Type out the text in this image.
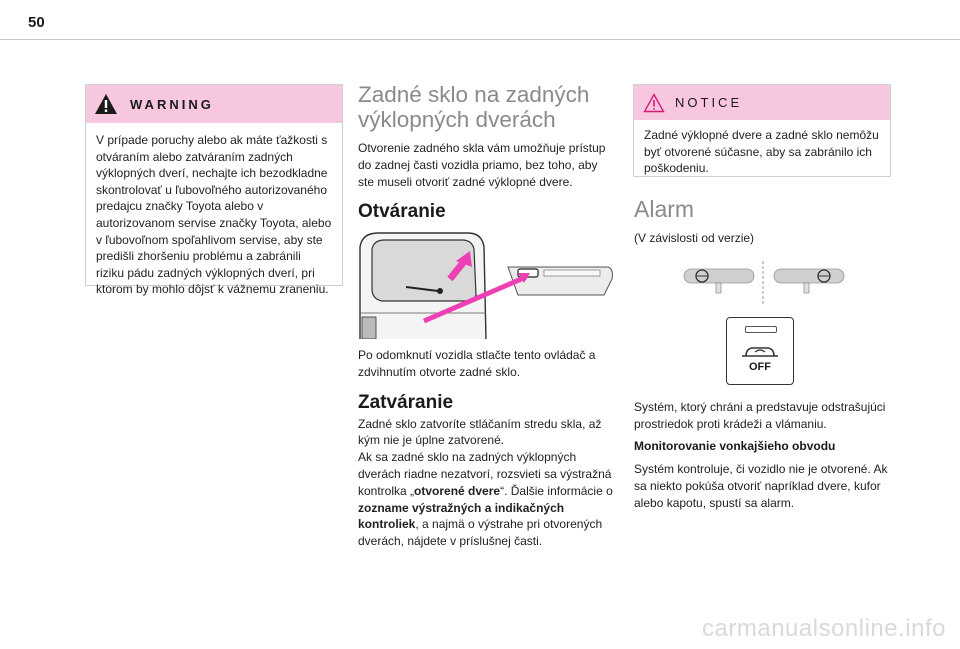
50
WARNING
V prípade poruchy alebo ak máte ťažkosti s otváraním alebo zatváraním zadných výklopných dverí, nechajte ich bezodkladne skontrolovať u ľubovoľného autorizovaného predajcu značky Toyota alebo v autorizovanom servise značky Toyota, alebo v ľubovoľnom spoľahlivom servise, aby ste predišli zhoršeniu problému a zabránili riziku pádu zadných výklopných dverí, pri ktorom by mohlo dôjsť k vážnemu zraneniu.
Zadné sklo na zadných výklopných dverách

Otvorenie zadného skla vám umožňuje prístup do zadnej časti vozidla priamo, bez toho, aby ste museli otvoriť zadné výklopné dvere.

Otváranie

Po odomknutí vozidla stlačte tento ovládač a zdvihnutím otvorte zadné sklo.

Zatváranie

Zadné sklo zatvoríte stláčaním stredu skla, až kým nie je úplne zatvorené.

Ak sa zadné sklo na zadných výklopných dverách riadne nezatvorí, rozsvieti sa výstražná kontrolka „otvorené dvere“. Ďalšie informácie o zozname výstražných a indikačných kontroliek, a najmä o výstrahe pri otvorených dverách, nájdete v príslušnej časti.

NOTICE
Zadné výklopné dvere a zadné sklo nemôžu byť otvorené súčasne, aby sa zabránilo ich poškodeniu.
Alarm

(V závislosti od verzie)

OFF

Systém, ktorý chráni a predstavuje odstrašujúci prostriedok proti krádeži a vlámaniu.

Monitorovanie vonkajšieho obvodu

Systém kontroluje, či vozidlo nie je otvorené. Ak sa niekto pokúša otvoriť napríklad dvere, kufor alebo kapotu, spustí sa alarm.

carmanualsonline.info
